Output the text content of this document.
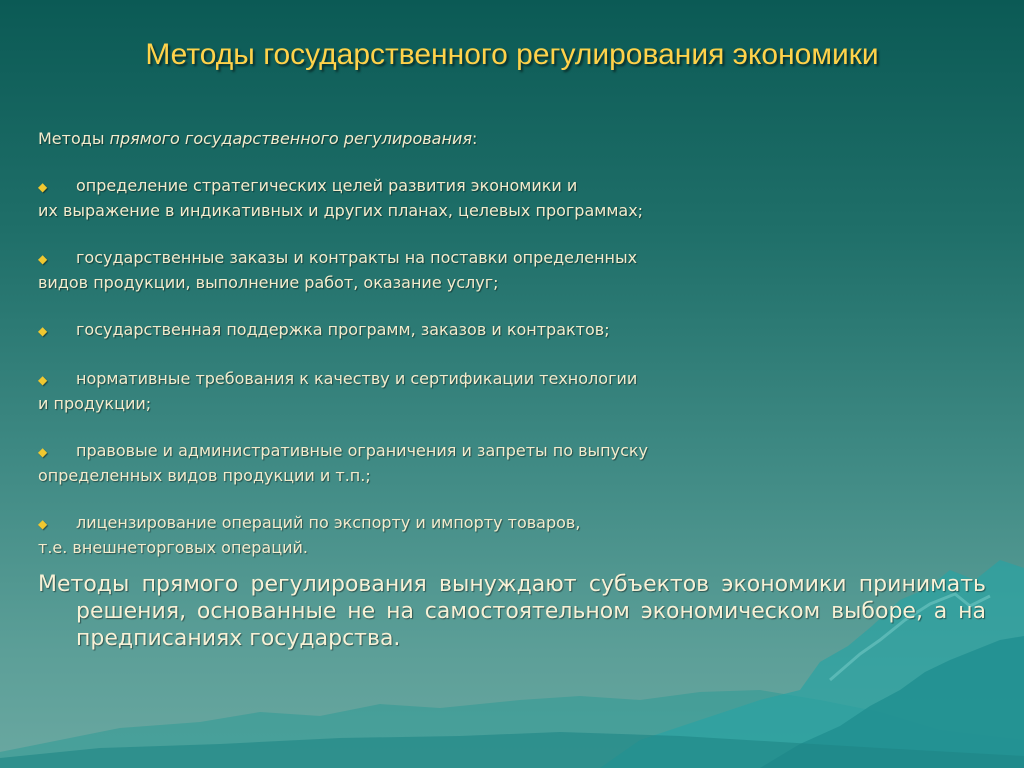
Методы государственного регулирования экономики
Методы прямого государственного регулирования:
◆ определение стратегических целей развития экономики и
их выражение в индикативных и других планах, целевых программах;
◆ государственные заказы и контракты на поставки определенных
видов продукции, выполнение работ, оказание услуг;
◆ государственная поддержка программ, заказов и контрактов;
◆ нормативные требования к качеству и сертификации технологии
и продукции;
◆ правовые и административные ограничения и запреты по выпуску
определенных видов продукции и т.п.;
◆ лицензирование операций по экспорту и импорту товаров,
т.е. внешнеторговых операций.
Методы прямого регулирования вынуждают субъектов экономики принимать решения, основанные не на самостоятельном экономическом выборе, а на предписаниях государства.
